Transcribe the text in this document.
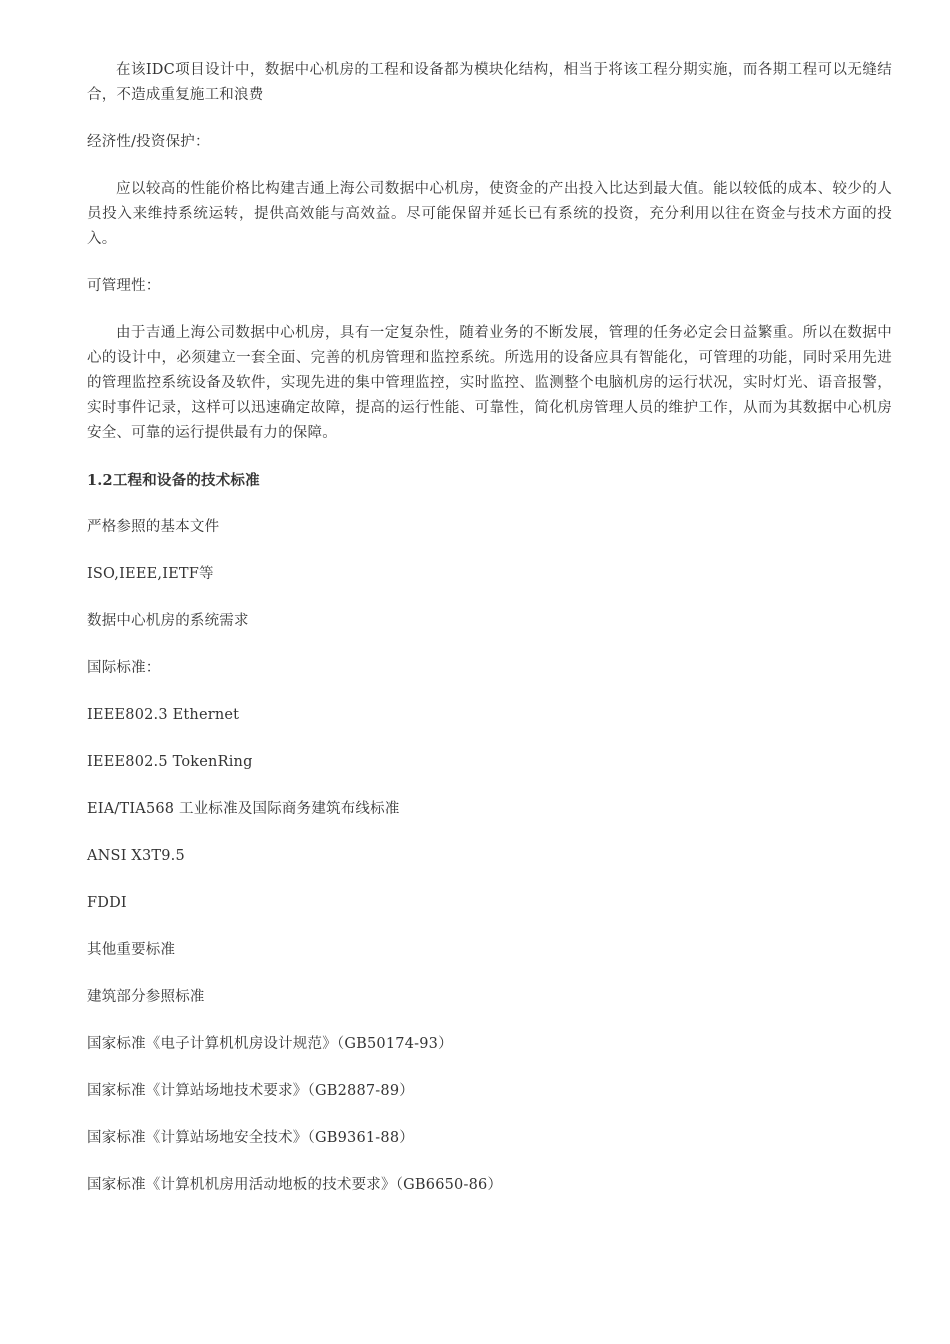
在该IDC项目设计中，数据中心机房的工程和设备都为模块化结构，相当于将该工程分期实施，而各期工程可以无缝结合，不造成重复施工和浪费

经济性/投资保护：

应以较高的性能价格比构建吉通上海公司数据中心机房，使资金的产出投入比达到最大值。能以较低的成本、较少的人员投入来维持系统运转，提供高效能与高效益。尽可能保留并延长已有系统的投资，充分利用以往在资金与技术方面的投入。

可管理性：

由于吉通上海公司数据中心机房，具有一定复杂性，随着业务的不断发展，管理的任务必定会日益繁重。所以在数据中心的设计中，必须建立一套全面、完善的机房管理和监控系统。所选用的设备应具有智能化，可管理的功能，同时采用先进的管理监控系统设备及软件，实现先进的集中管理监控，实时监控、监测整个电脑机房的运行状况，实时灯光、语音报警，实时事件记录，这样可以迅速确定故障，提高的运行性能、可靠性，简化机房管理人员的维护工作，从而为其数据中心机房安全、可靠的运行提供最有力的保障。

1.2工程和设备的技术标准

严格参照的基本文件

ISO,IEEE,IETF等

数据中心机房的系统需求

国际标准：

IEEE802.3 Ethernet

IEEE802.5 TokenRing

EIA/TIA568 工业标准及国际商务建筑布线标准

ANSI X3T9.5

FDDI

其他重要标准

建筑部分参照标准

国家标准《电子计算机机房设计规范》（GB50174-93）

国家标准《计算站场地技术要求》（GB2887-89）

国家标准《计算站场地安全技术》（GB9361-88）

国家标准《计算机机房用活动地板的技术要求》（GB6650-86）
